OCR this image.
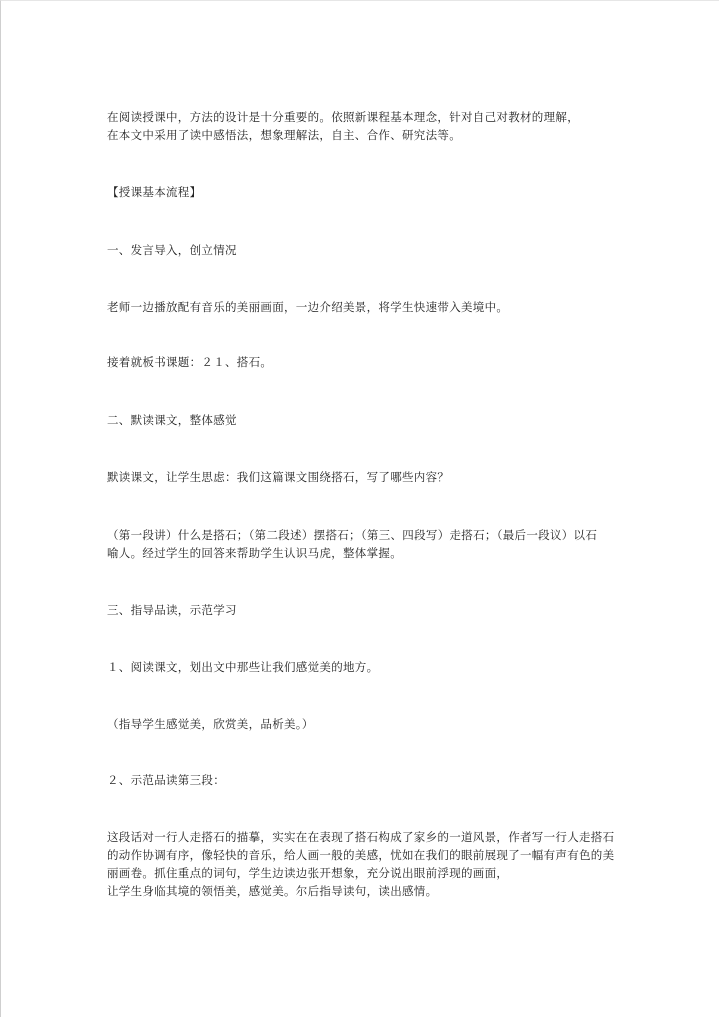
在阅读授课中，方法的设计是十分重要的。依照新课程基本理念，针对自己对教材的理解，
在本文中采用了读中感悟法，想象理解法，自主、合作、研究法等。
【授课基本流程】
一、发言导入，创立情况
老师一边播放配有音乐的美丽画面，一边介绍美景，将学生快速带入美境中。
接着就板书课题：２１、搭石。
二、默读课文，整体感觉
默读课文，让学生思虑：我们这篇课文围绕搭石，写了哪些内容？
（第一段讲）什么是搭石；（第二段述）摆搭石；（第三、四段写）走搭石；（最后一段议）以石
喻人。经过学生的回答来帮助学生认识马虎，整体掌握。
三、指导品读，示范学习
１、阅读课文，划出文中那些让我们感觉美的地方。
（指导学生感觉美，欣赏美，品析美。）
２、示范品读第三段：
这段话对一行人走搭石的描摹，实实在在表现了搭石构成了家乡的一道风景，作者写一行人走搭石
的动作协调有序，像轻快的音乐，给人画一般的美感，忧如在我们的眼前展现了一幅有声有色的美
丽画卷。抓住重点的词句，学生边读边张开想象，充分说出眼前浮现的画面，
让学生身临其境的领悟美，感觉美。尔后指导读句，读出感情。
